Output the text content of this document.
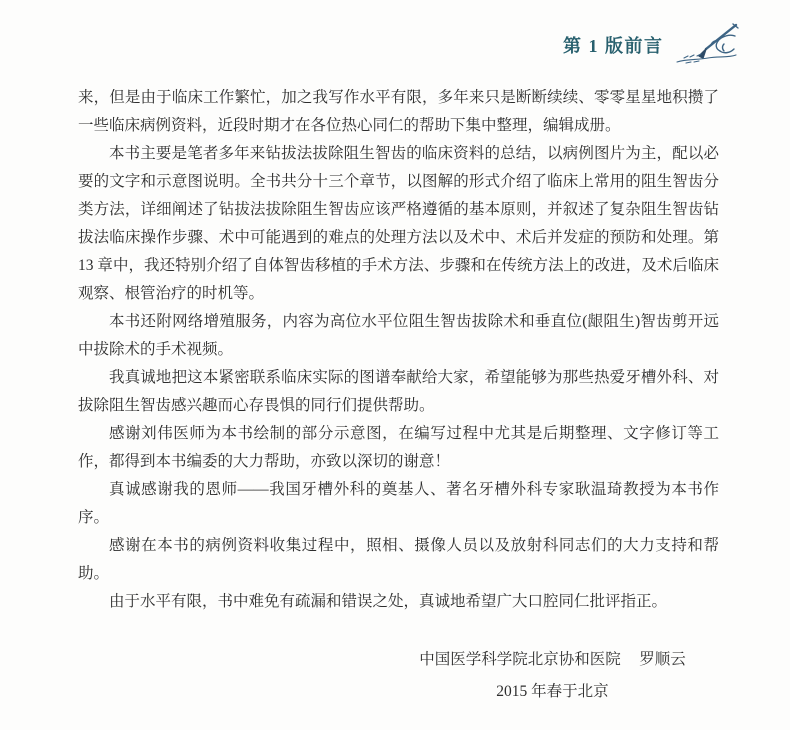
第 1 版前言

来，但是由于临床工作繁忙，加之我写作水平有限，多年来只是断断续续、零零星星地积攒了一些临床病例资料，近段时期才在各位热心同仁的帮助下集中整理，编辑成册。

本书主要是笔者多年来钻拔法拔除阻生智齿的临床资料的总结，以病例图片为主，配以必要的文字和示意图说明。全书共分十三个章节，以图解的形式介绍了临床上常用的阻生智齿分类方法，详细阐述了钻拔法拔除阻生智齿应该严格遵循的基本原则，并叙述了复杂阻生智齿钻拔法临床操作步骤、术中可能遇到的难点的处理方法以及术中、术后并发症的预防和处理。第 13 章中，我还特别介绍了自体智齿移植的手术方法、步骤和在传统方法上的改进，及术后临床观察、根管治疗的时机等。

本书还附网络增殖服务，内容为高位水平位阻生智齿拔除术和垂直位(龈阻生)智齿剪开远中拔除术的手术视频。

我真诚地把这本紧密联系临床实际的图谱奉献给大家，希望能够为那些热爱牙槽外科、对拔除阻生智齿感兴趣而心存畏惧的同行们提供帮助。

感谢刘伟医师为本书绘制的部分示意图，在编写过程中尤其是后期整理、文字修订等工作，都得到本书编委的大力帮助，亦致以深切的谢意！

真诚感谢我的恩师——我国牙槽外科的奠基人、著名牙槽外科专家耿温琦教授为本书作序。

感谢在本书的病例资料收集过程中，照相、摄像人员以及放射科同志们的大力支持和帮助。

由于水平有限，书中难免有疏漏和错误之处，真诚地希望广大口腔同仁批评指正。

中国医学科学院北京协和医院 罗顺云
2015 年春于北京
